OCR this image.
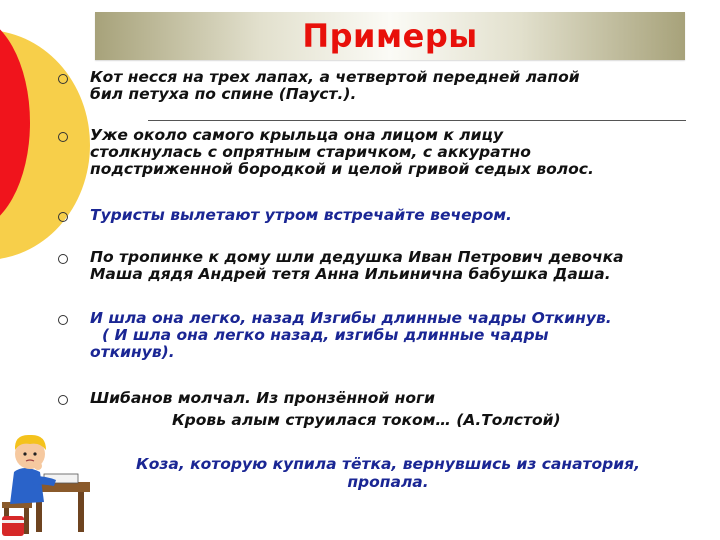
Примеры
Кот несся на трех лапах, а четвертой передней лапой
бил петуха по спине (Пауст.).
Уже около самого крыльца она лицом к лицу
столкнулась с опрятным старичком, с аккуратно
подстриженной бородкой и целой гривой седых волос.
Туристы вылетают утром встречайте вечером.
По тропинке к дому шли дедушка Иван Петрович девочка
Маша дядя Андрей тетя Анна Ильинична бабушка Даша.
И шла она легко, назад Изгибы длинные чадры Откинув.
( И шла она легко назад, изгибы длинные чадры
откинув).
Шибанов молчал. Из пронзённой ноги
Кровь алым струилася током… (А.Толстой)
Коза, которую купила тётка, вернувшись из санатория,
пропала.
